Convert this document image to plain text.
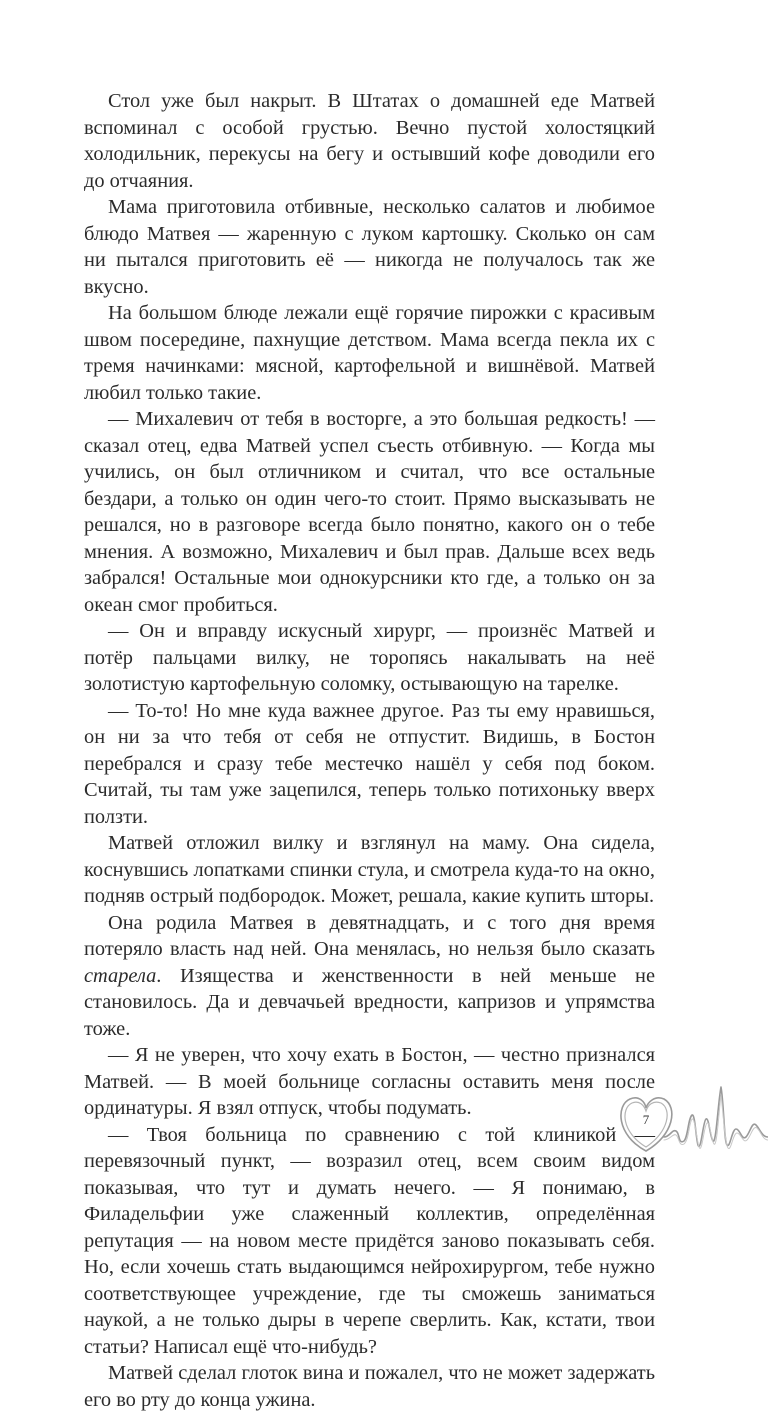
Стол уже был накрыт. В Штатах о домашней еде Матвей вспоминал с особой грустью. Вечно пустой холостяцкий холодильник, перекусы на бегу и остывший кофе доводили его до отчаяния.

Мама приготовила отбивные, несколько салатов и любимое блюдо Матвея — жаренную с луком картошку. Сколько он сам ни пытался приготовить её — никогда не получалось так же вкусно.

На большом блюде лежали ещё горячие пирожки с красивым швом посередине, пахнущие детством. Мама всегда пекла их с тремя начинками: мясной, картофельной и вишнёвой. Матвей любил только такие.

— Михалевич от тебя в восторге, а это большая редкость! — сказал отец, едва Матвей успел съесть отбивную. — Когда мы учились, он был отличником и считал, что все остальные бездари, а только он один чего-то стоит. Прямо высказывать не решался, но в разговоре всегда было понятно, какого он о тебе мнения. А возможно, Михалевич и был прав. Дальше всех ведь забрался! Остальные мои однокурсники кто где, а только он за океан смог пробиться.

— Он и вправду искусный хирург, — произнёс Матвей и потёр пальцами вилку, не торопясь накалывать на неё золотистую картофельную соломку, остывающую на тарелке.

— То-то! Но мне куда важнее другое. Раз ты ему нравишься, он ни за что тебя от себя не отпустит. Видишь, в Бостон перебрался и сразу тебе местечко нашёл у себя под боком. Считай, ты там уже зацепился, теперь только потихоньку вверх ползти.

Матвей отложил вилку и взглянул на маму. Она сидела, коснувшись лопатками спинки стула, и смотрела куда-то на окно, подняв острый подбородок. Может, решала, какие купить шторы.

Она родила Матвея в девятнадцать, и с того дня время потеряло власть над ней. Она менялась, но нельзя было сказать старела. Изящества и женственности в ней меньше не становилось. Да и девчачьей вредности, капризов и упрямства тоже.

— Я не уверен, что хочу ехать в Бостон, — честно признался Матвей. — В моей больнице согласны оставить меня после ординатуры. Я взял отпуск, чтобы подумать.

— Твоя больница по сравнению с той клиникой — перевязочный пункт, — возразил отец, всем своим видом показывая, что тут и думать нечего. — Я понимаю, в Филадельфии уже слаженный коллектив, определённая репутация — на новом месте придётся заново показывать себя. Но, если хочешь стать выдающимся нейрохирургом, тебе нужно соответствующее учреждение, где ты сможешь заниматься наукой, а не только дыры в черепе сверлить. Как, кстати, твои статьи? Написал ещё что-нибудь?

Матвей сделал глоток вина и пожалел, что не может задержать его во рту до конца ужина.

7
